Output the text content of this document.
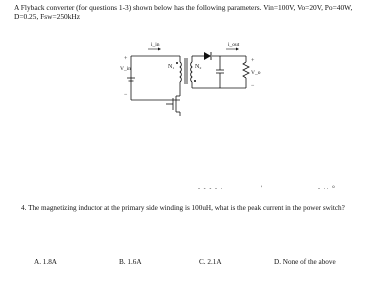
A Flyback converter (for questions 1-3) shown below has the following parameters. Vin=100V, Vo=20V, Po=40W, D=0.25, Fsw=250kHz
i_in	i_out
N₁	N₂
V_in
V_o
+
−
+
−
- - - - ·	‘	- ·· º
4. The magnetizing inductor at the primary side winding is 100uH, what is the peak current in the power switch?
A. 1.8A	B. 1.6A	C. 2.1A	D. None of the above
